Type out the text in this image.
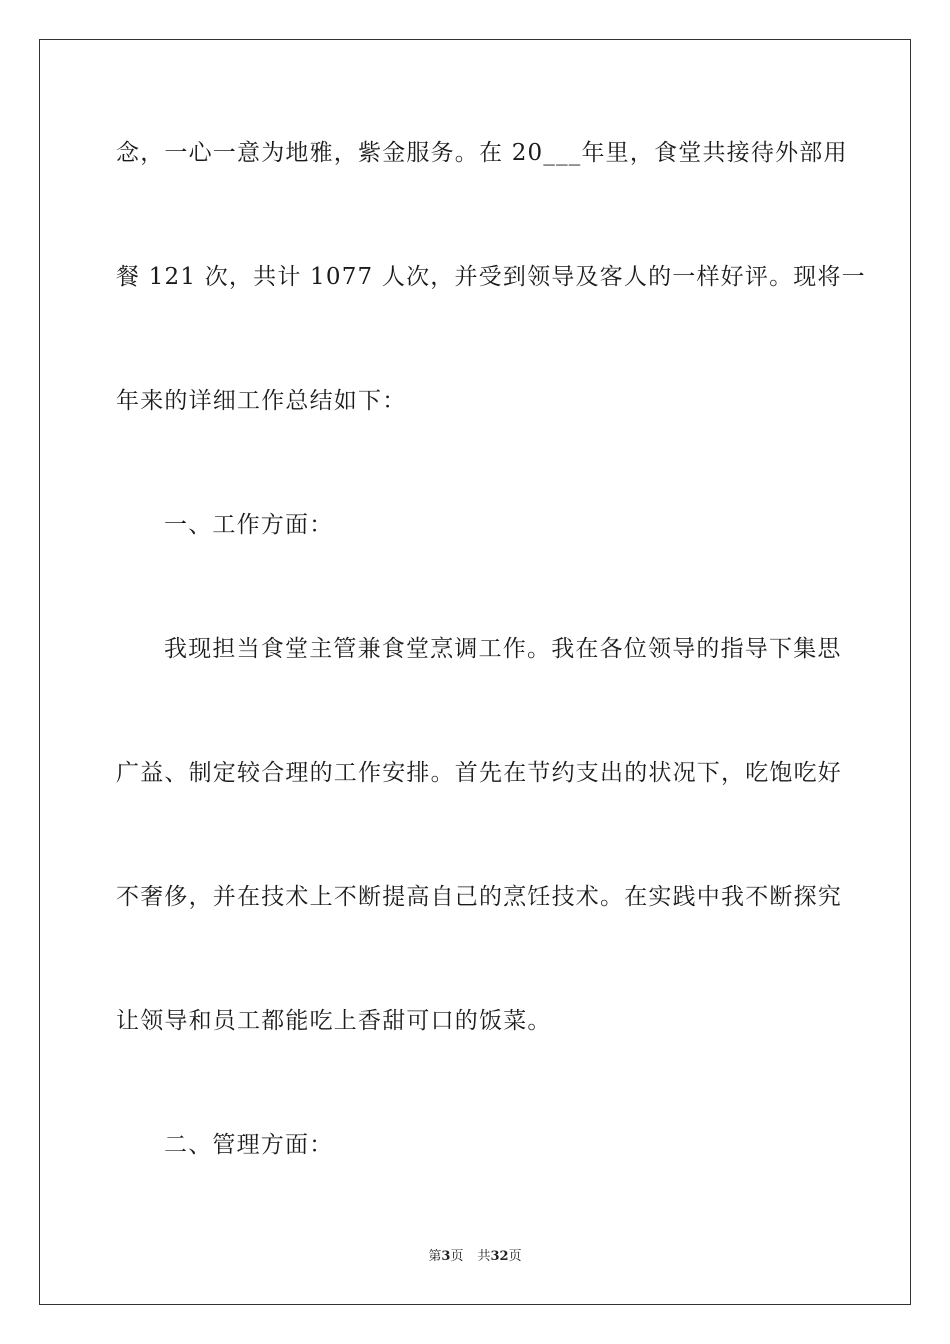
念，一心一意为地雅，紫金服务。在 20___年里，食堂共接待外部用
餐 121 次，共计 1077 人次，并受到领导及客人的一样好评。现将一
年来的详细工作总结如下：
一、工作方面：
我现担当食堂主管兼食堂烹调工作。我在各位领导的指导下集思
广益、制定较合理的工作安排。首先在节约支出的状况下，吃饱吃好
不奢侈，并在技术上不断提高自己的烹饪技术。在实践中我不断探究
让领导和员工都能吃上香甜可口的饭菜。
二、管理方面：
第3页 共32页
